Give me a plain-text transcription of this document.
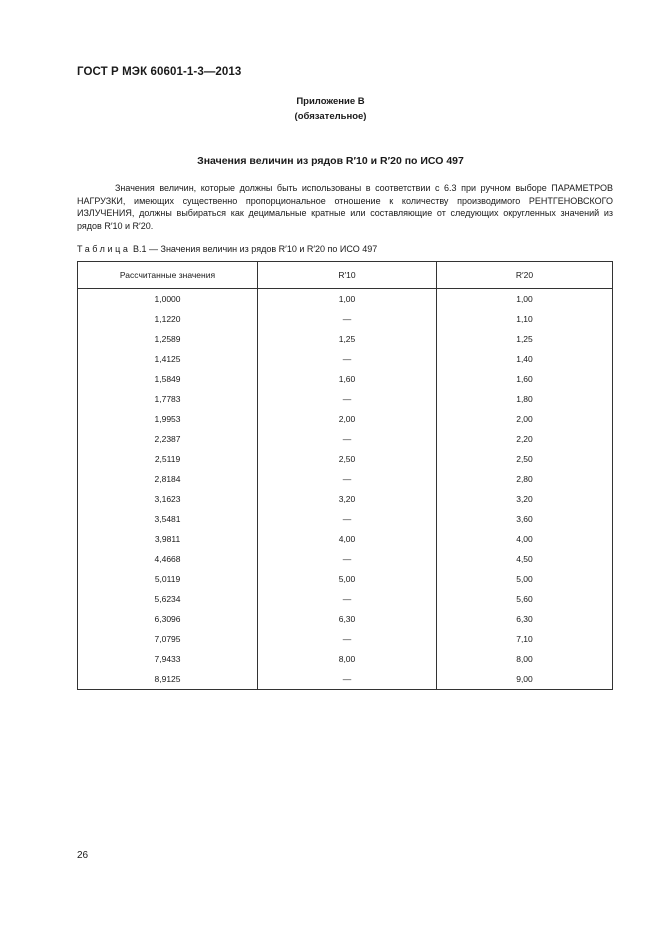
ГОСТ Р МЭК 60601-1-3—2013
Приложение В
(обязательное)
Значения величин из рядов R′10 и R′20 по ИСО 497
Значения величин, которые должны быть использованы в соответствии с 6.3 при ручном выборе ПАРАМЕТРОВ НАГРУЗКИ, имеющих существенно пропорциональное отношение к количеству производимого РЕНТГЕНОВСКОГО ИЗЛУЧЕНИЯ, должны выбираться как децимальные кратные или составляющие от следующих округленных значений из рядов R′10 и R′20.
Таблица В.1 — Значения величин из рядов R′10 и R′20 по ИСО 497
Рассчитанные значения	R′10	R′20
1,0000	1,00	1,00
1,1220	—	1,10
1,2589	1,25	1,25
1,4125	—	1,40
1,5849	1,60	1,60
1,7783	—	1,80
1,9953	2,00	2,00
2,2387	—	2,20
2,5119	2,50	2,50
2,8184	—	2,80
3,1623	3,20	3,20
3,5481	—	3,60
3,9811	4,00	4,00
4,4668	—	4,50
5,0119	5,00	5,00
5,6234	—	5,60
6,3096	6,30	6,30
7,0795	—	7,10
7,9433	8,00	8,00
8,9125	—	9,00
26
